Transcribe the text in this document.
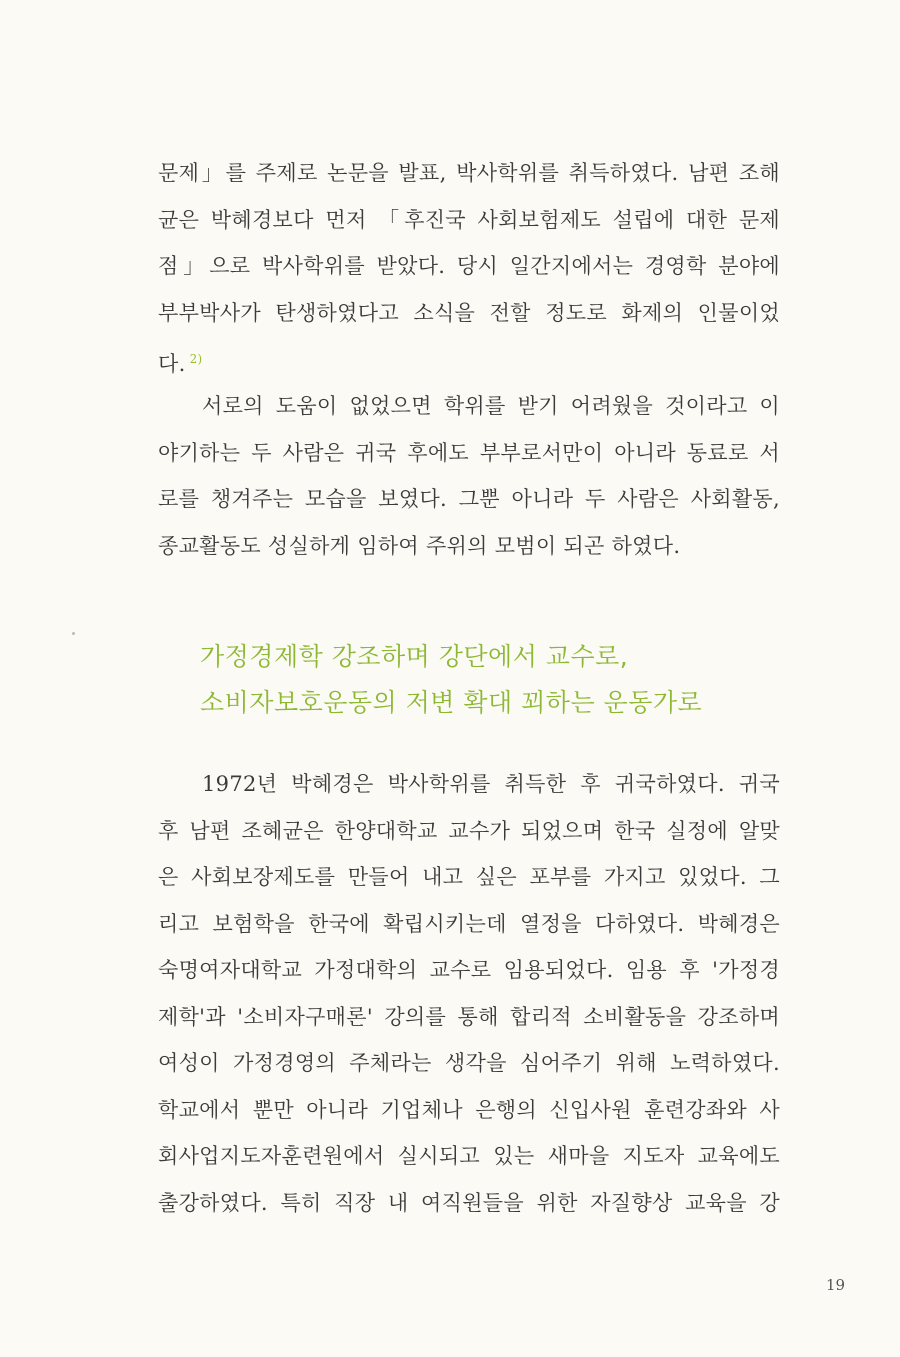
문제」를 주제로 논문을 발표, 박사학위를 취득하였다. 남편 조해
균은 박혜경보다 먼저 「후진국 사회보험제도 설립에 대한 문제
점」으로 박사학위를 받았다. 당시 일간지에서는 경영학 분야에
부부박사가 탄생하였다고 소식을 전할 정도로 화제의 인물이었
다. $^{2)}$
서로의 도움이 없었으면 학위를 받기 어려웠을 것이라고 이
야기하는 두 사람은 귀국 후에도 부부로서만이 아니라 동료로 서
로를 챙겨주는 모습을 보였다. 그뿐 아니라 두 사람은 사회활동,
종교활동도 성실하게 임하여 주위의 모범이 되곤 하였다.
가정경제학 강조하며 강단에서 교수로,
소비자보호운동의 저변 확대 꾀하는 운동가로
1972년 박혜경은 박사학위를 취득한 후 귀국하였다. 귀국
후 남편 조혜균은 한양대학교 교수가 되었으며 한국 실정에 알맞
은 사회보장제도를 만들어 내고 싶은 포부를 가지고 있었다. 그
리고 보험학을 한국에 확립시키는데 열정을 다하였다. 박혜경은
숙명여자대학교 가정대학의 교수로 임용되었다. 임용 후 '가정경
제학'과 '소비자구매론' 강의를 통해 합리적 소비활동을 강조하며
여성이 가정경영의 주체라는 생각을 심어주기 위해 노력하였다.
학교에서 뿐만 아니라 기업체나 은행의 신입사원 훈련강좌와 사
회사업지도자훈련원에서 실시되고 있는 새마을 지도자 교육에도
출강하였다. 특히 직장 내 여직원들을 위한 자질향상 교육을 강
19
